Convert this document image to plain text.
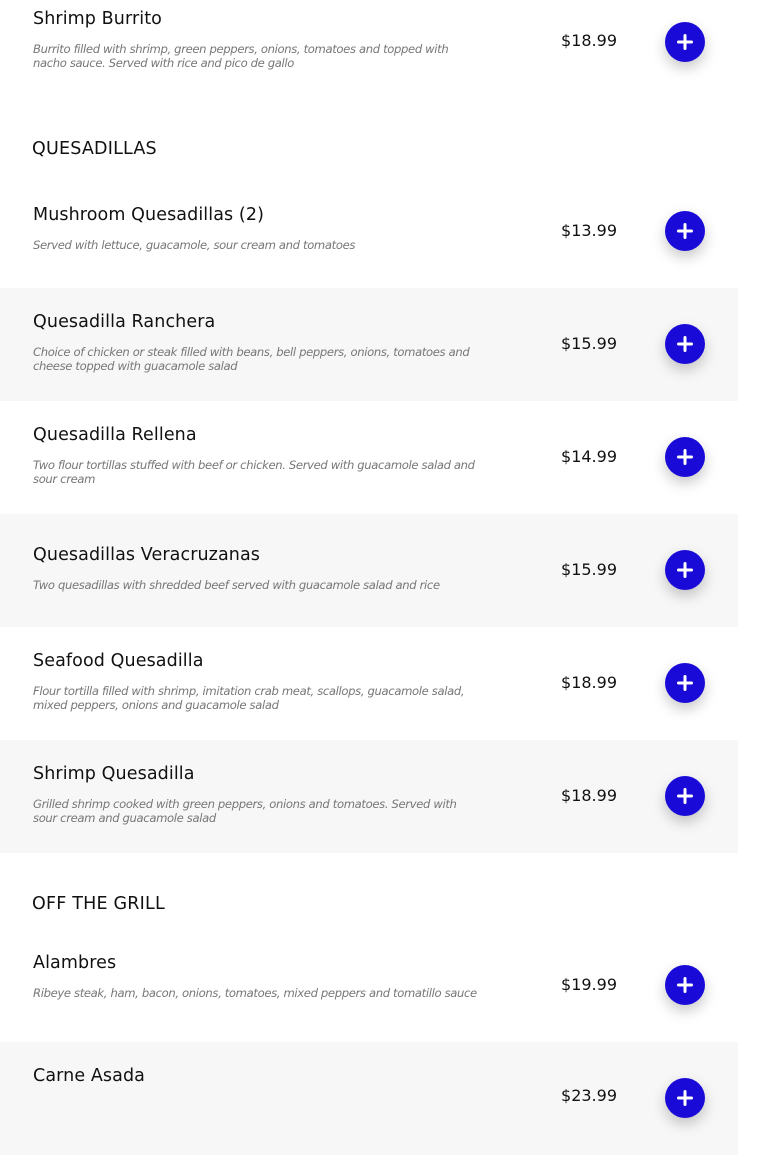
Shrimp Burrito

Burrito filled with shrimp, green peppers, onions, tomatoes and topped with nacho sauce. Served with rice and pico de gallo

$18.99
QUESADILLAS
Mushroom Quesadillas (2)

Served with lettuce, guacamole, sour cream and tomatoes

$13.99
Quesadilla Ranchera

Choice of chicken or steak filled with beans, bell peppers, onions, tomatoes and cheese topped with guacamole salad

$15.99
Quesadilla Rellena

Two flour tortillas stuffed with beef or chicken. Served with guacamole salad and sour cream

$14.99
Quesadillas Veracruzanas

Two quesadillas with shredded beef served with guacamole salad and rice

$15.99
Seafood Quesadilla

Flour tortilla filled with shrimp, imitation crab meat, scallops, guacamole salad, mixed peppers, onions and guacamole salad

$18.99
Shrimp Quesadilla

Grilled shrimp cooked with green peppers, onions and tomatoes. Served with sour cream and guacamole salad

$18.99
OFF THE GRILL
Alambres

Ribeye steak, ham, bacon, onions, tomatoes, mixed peppers and tomatillo sauce	$19.99
Carne Asada

$23.99
